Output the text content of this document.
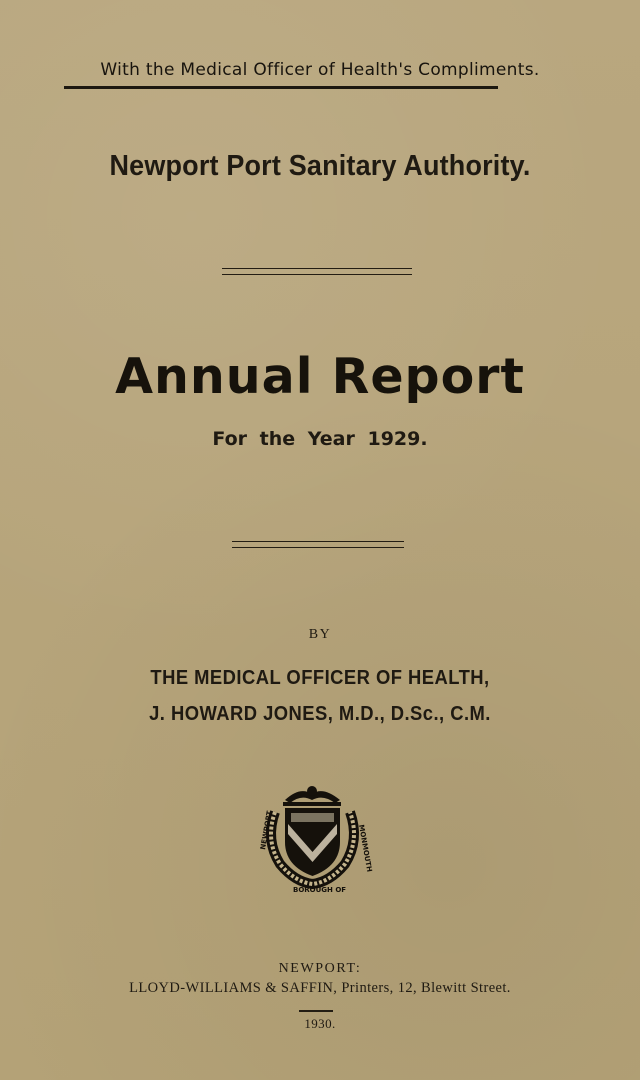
With the Medical Officer of Health's Compliments.
Newport Port Sanitary Authority.
Annual Report
For the Year 1929.
BY
THE MEDICAL OFFICER OF HEALTH,
J. HOWARD JONES, M.D., D.Sc., C.M.
NEWPORT	MONMOUTH
BOROUGH OF
NEWPORT:
LLOYD-WILLIAMS & SAFFIN, Printers, 12, Blewitt Street.
1930.
